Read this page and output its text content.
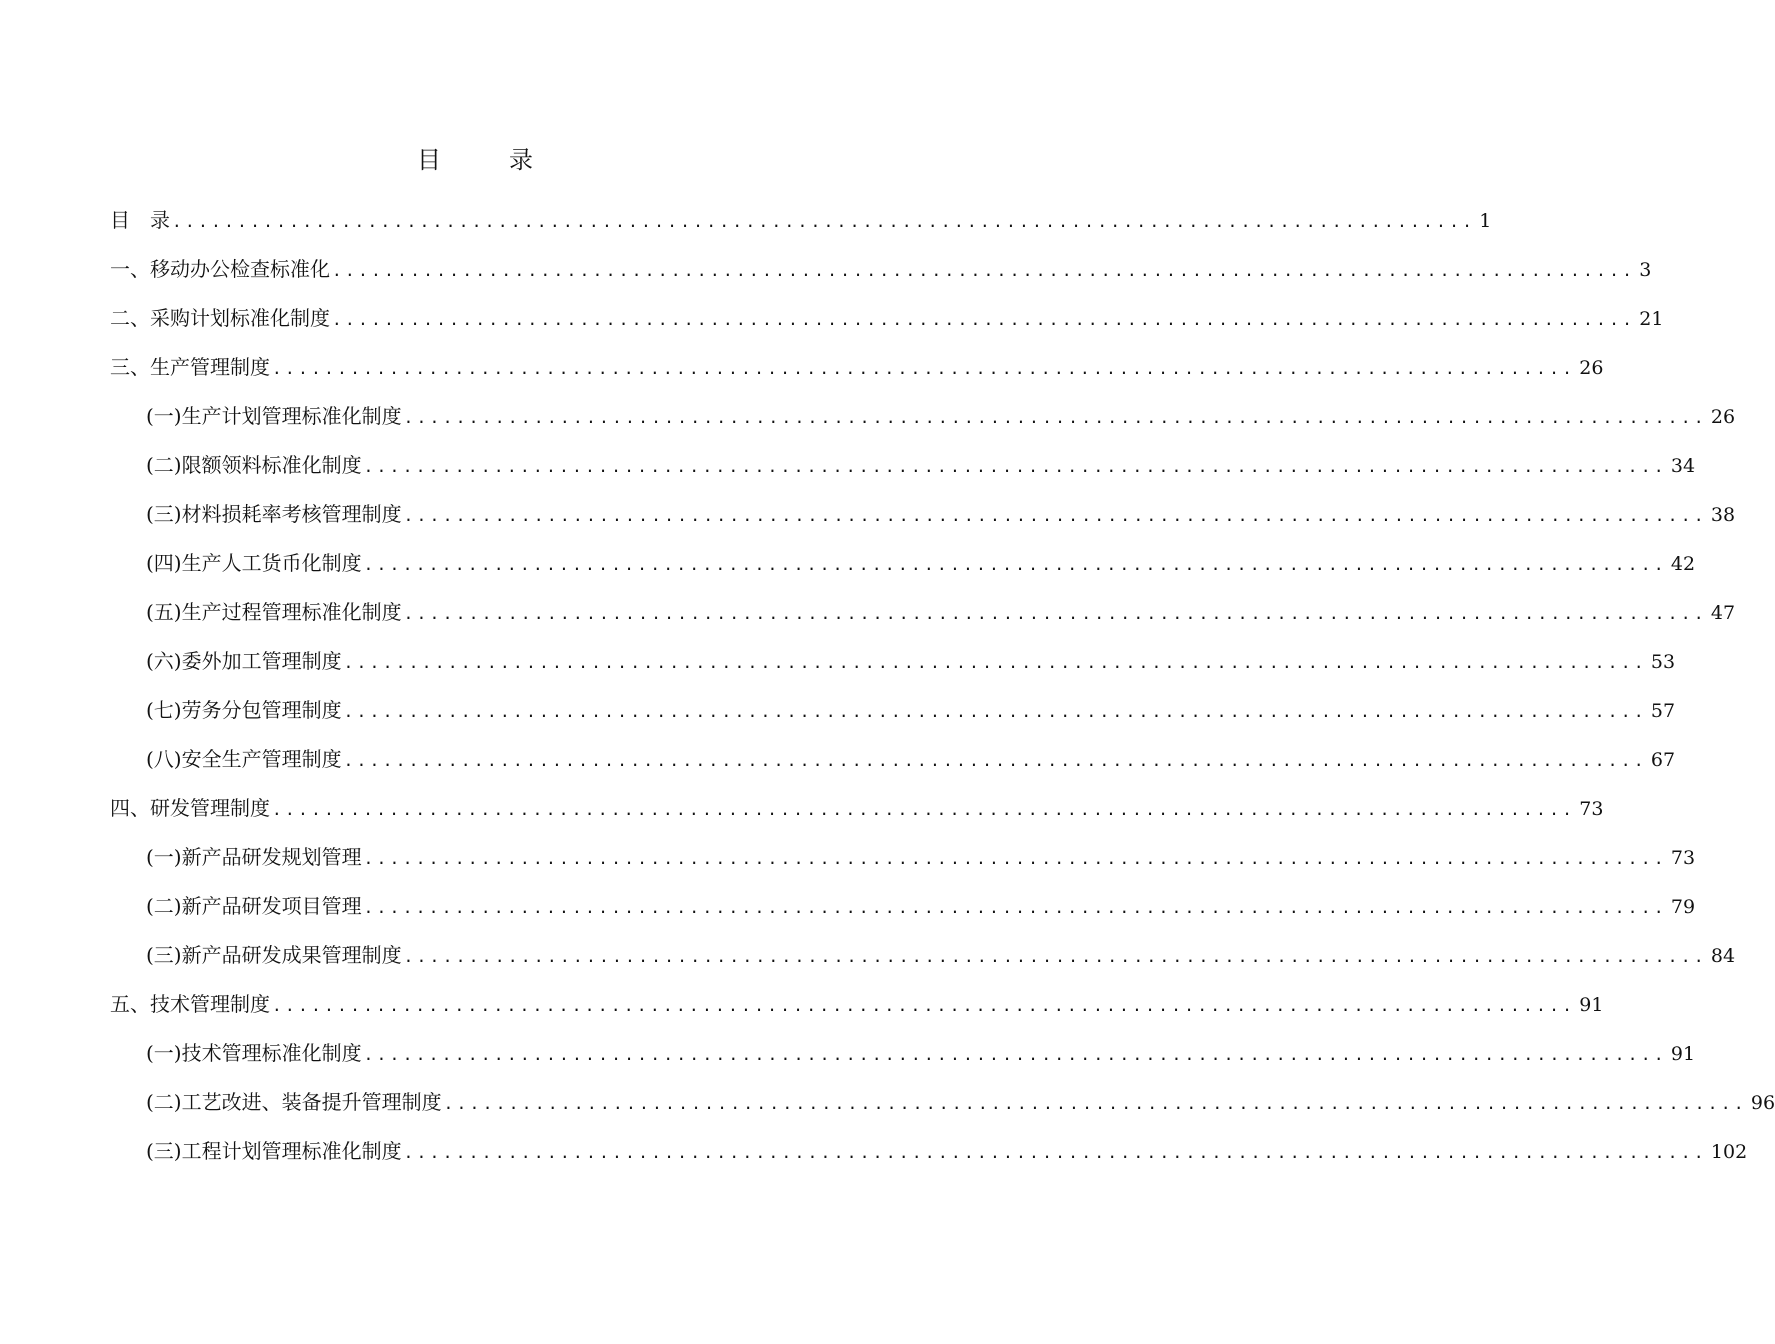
目　录
目　录 .................................................................................................... 1
一、移动办公检查标准化 .................................................................................................... 3
二、采购计划标准化制度 .................................................................................................... 21
三、生产管理制度 .................................................................................................... 26
(一)生产计划管理标准化制度 .................................................................................................... 26
(二)限额领料标准化制度 .................................................................................................... 34
(三)材料损耗率考核管理制度 .................................................................................................... 38
(四)生产人工货币化制度 .................................................................................................... 42
(五)生产过程管理标准化制度 .................................................................................................... 47
(六)委外加工管理制度 .................................................................................................... 53
(七)劳务分包管理制度 .................................................................................................... 57
(八)安全生产管理制度 .................................................................................................... 67
四、研发管理制度 .................................................................................................... 73
(一)新产品研发规划管理 .................................................................................................... 73
(二)新产品研发项目管理 .................................................................................................... 79
(三)新产品研发成果管理制度 .................................................................................................... 84
五、技术管理制度 .................................................................................................... 91
(一)技术管理标准化制度 .................................................................................................... 91
(二)工艺改进、装备提升管理制度 .................................................................................................... 96
(三)工程计划管理标准化制度 .................................................................................................... 102
